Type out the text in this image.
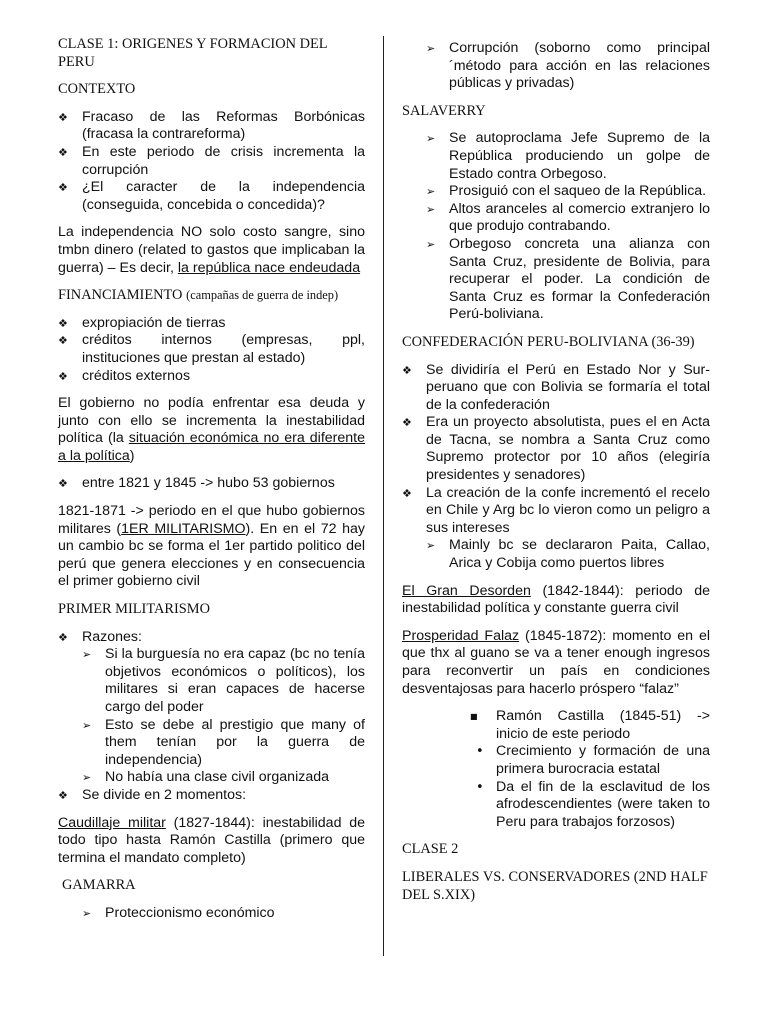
CLASE 1: ORIGENES Y FORMACION DEL PERU
CONTEXTO
❖ Fracaso de las Reformas Borbónicas (fracasa la contrareforma)
❖ En este periodo de crisis incrementa la corrupción
❖ ¿El caracter de la independencia (conseguida, concebida o concedida)?

La independencia NO solo costo sangre, sino tmbn dinero (related to gastos que implicaban la guerra) – Es decir, la república nace endeudada

FINANCIAMIENTO (campañas de guerra de indep)
❖ expropiación de tierras
❖ créditos internos (empresas, ppl, instituciones que prestan al estado)
❖ créditos externos

El gobierno no podía enfrentar esa deuda y junto con ello se incrementa la inestabilidad política (la situación económica no era diferente a la política)

❖ entre 1821 y 1845 -> hubo 53 gobiernos

1821-1871 -> periodo en el que hubo gobiernos militares (1ER MILITARISMO). En en el 72 hay un cambio bc se forma el 1er partido politico del perú que genera elecciones y en consecuencia el primer gobierno civil

PRIMER MILITARISMO
❖ Razones:
➢ Si la burguesía no era capaz (bc no tenía objetivos económicos o políticos), los militares si eran capaces de hacerse cargo del poder
➢ Esto se debe al prestigio que many of them tenían por la guerra de independencia)
➢ No había una clase civil organizada
❖ Se divide en 2 momentos:

Caudillaje militar (1827-1844): inestabilidad de todo tipo hasta Ramón Castilla (primero que termina el mandato completo)

GAMARRA
➢ Proteccionismo económico
➢ Corrupción (soborno como principal ´método para acción en las relaciones públicas y privadas)
SALAVERRY
➢ Se autoproclama Jefe Supremo de la República produciendo un golpe de Estado contra Orbegoso.
➢ Prosiguió con el saqueo de la República.
➢ Altos aranceles al comercio extranjero lo que produjo contrabando.
➢ Orbegoso concreta una alianza con Santa Cruz, presidente de Bolivia, para recuperar el poder. La condición de Santa Cruz es formar la Confederación Perú-boliviana.
CONFEDERACIÓN PERU-BOLIVIANA (36-39)
❖ Se dividiría el Perú en Estado Nor y Sur-peruano que con Bolivia se formaría el total de la confederación
❖ Era un proyecto absolutista, pues el en Acta de Tacna, se nombra a Santa Cruz como Supremo protector por 10 años (elegiría presidentes y senadores)
❖ La creación de la confe incrementó el recelo en Chile y Arg bc lo vieron como un peligro a sus intereses
➢ Mainly bc se declararon Paita, Callao, Arica y Cobija como puertos libres

El Gran Desorden (1842-1844): periodo de inestabilidad política y constante guerra civil

Prosperidad Falaz (1845-1872): momento en el que thx al guano se va a tener enough ingresos para reconvertir un país en condiciones desventajosas para hacerlo próspero “falaz”

■ Ramón Castilla (1845-51) -> inicio de este periodo
• Crecimiento y formación de una primera burocracia estatal
• Da el fin de la esclavitud de los afrodescendientes (were taken to Peru para trabajos forzosos)
CLASE 2
LIBERALES VS. CONSERVADORES (2ND HALF DEL S.XIX)
